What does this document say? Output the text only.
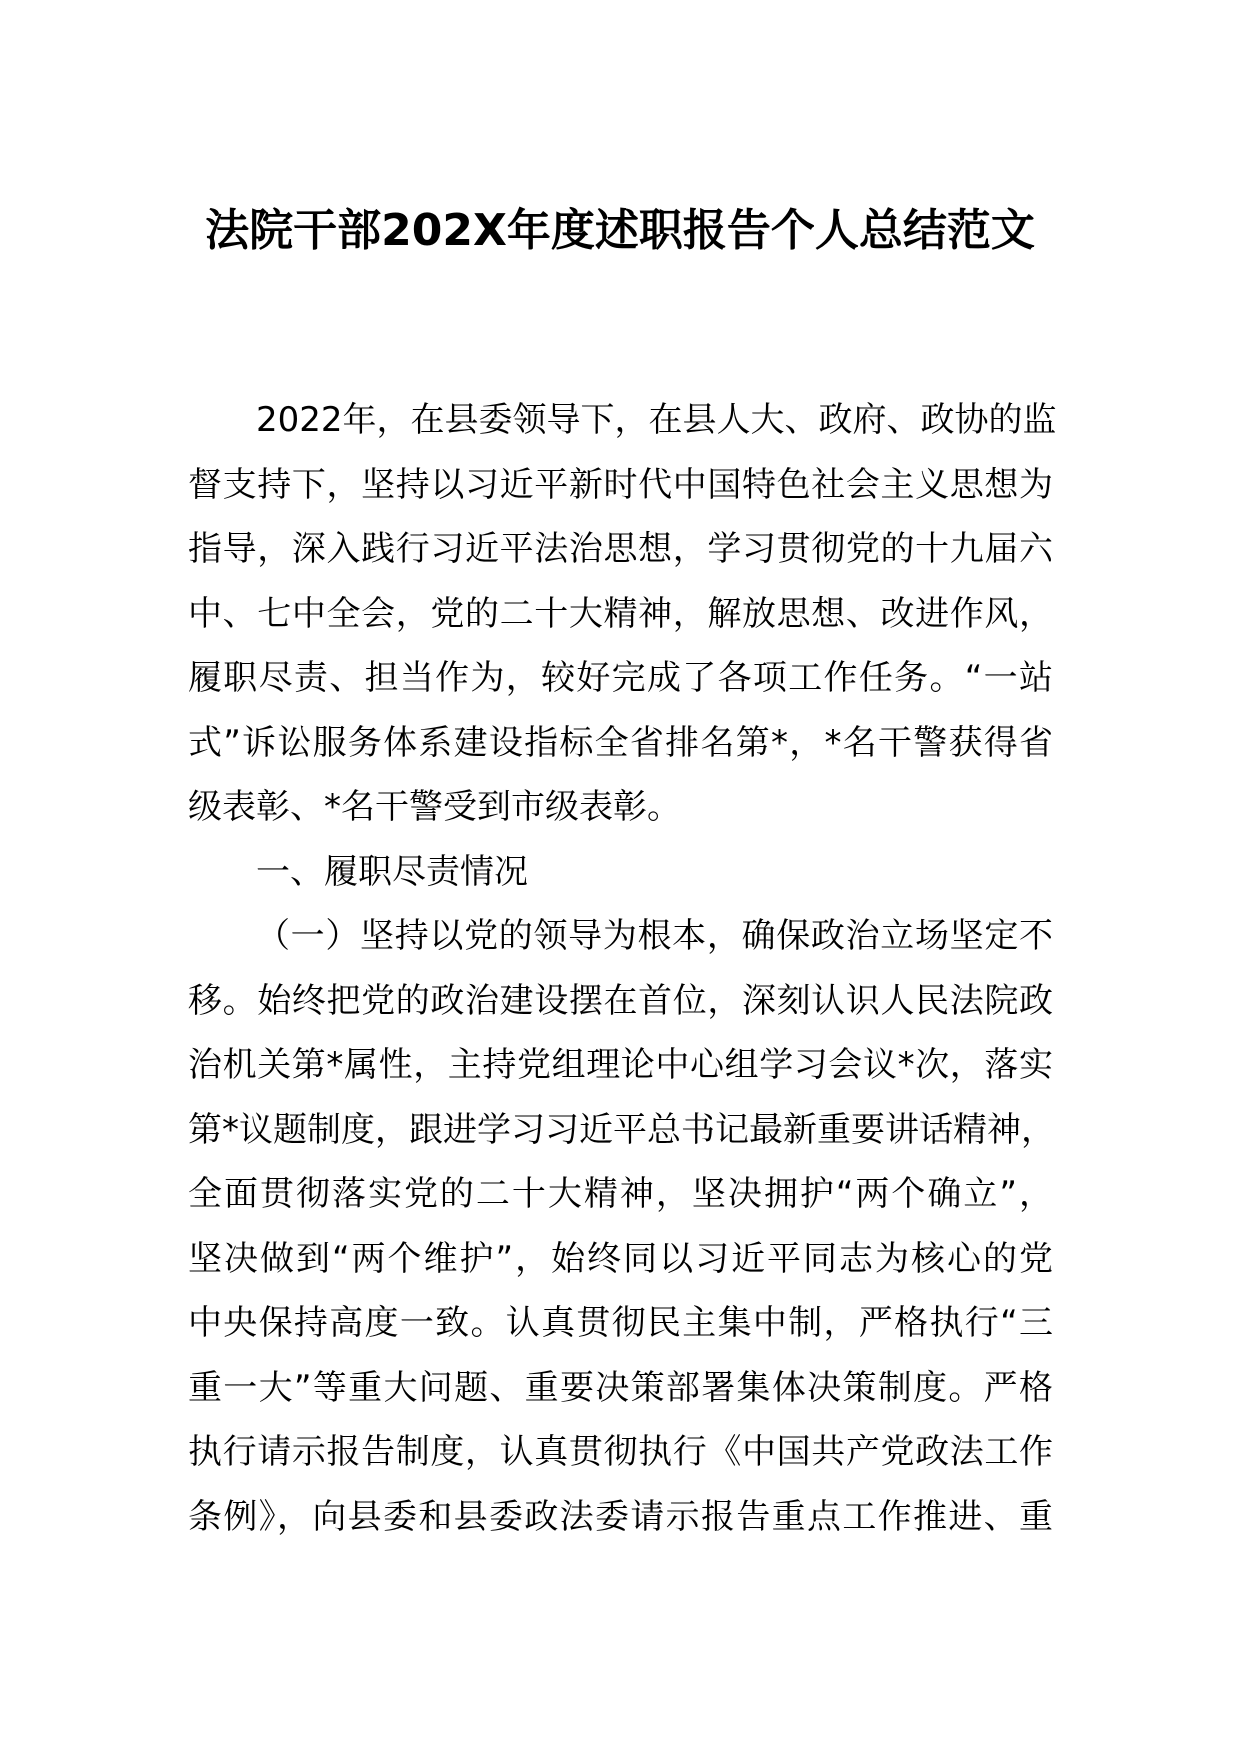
法院干部202X年度述职报告个人总结范文
2022年，在县委领导下，在县人大、政府、政协的监
督支持下，坚持以习近平新时代中国特色社会主义思想为
指导，深入践行习近平法治思想，学习贯彻党的十九届六
中、七中全会，党的二十大精神，解放思想、改进作风，
履职尽责、担当作为，较好完成了各项工作任务。“一站
式”诉讼服务体系建设指标全省排名第*，*名干警获得省
级表彰、*名干警受到市级表彰。
一、履职尽责情况
（一）坚持以党的领导为根本，确保政治立场坚定不
移。始终把党的政治建设摆在首位，深刻认识人民法院政
治机关第*属性，主持党组理论中心组学习会议*次，落实
第*议题制度，跟进学习习近平总书记最新重要讲话精神，
全面贯彻落实党的二十大精神，坚决拥护“两个确立”，
坚决做到“两个维护”，始终同以习近平同志为核心的党
中央保持高度一致。认真贯彻民主集中制，严格执行“三
重一大”等重大问题、重要决策部署集体决策制度。严格
执行请示报告制度，认真贯彻执行《中国共产党政法工作
条例》，向县委和县委政法委请示报告重点工作推进、重
